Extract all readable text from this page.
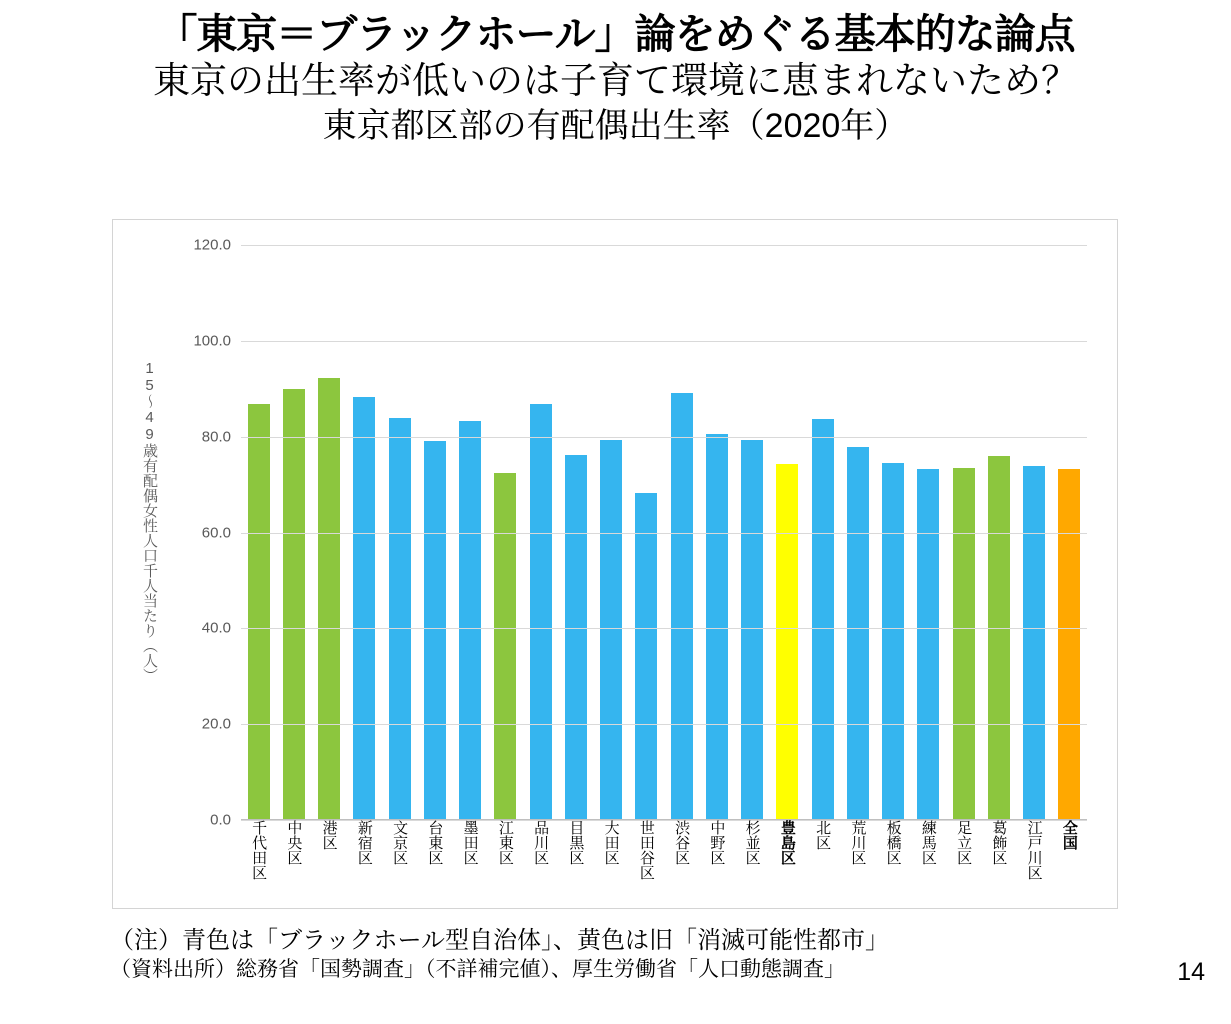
「東京＝ブラックホール」論をめぐる基本的な論点
東京の出生率が低いのは子育て環境に恵まれないため？
東京都区部の有配偶出生率（2020年）
15～49歳有配偶女性人口千人当たり（人）
0.0
20.0
40.0
60.0
80.0
100.0
120.0
千代田区 中央区 港区 新宿区 文京区 台東区 墨田区 江東区 品川区 目黒区 大田区 世田谷区 渋谷区 中野区 杉並区 豊島区 北区 荒川区 板橋区 練馬区 足立区 葛飾区 江戸川区 全国
（注）青色は「ブラックホール型自治体」、黄色は旧「消滅可能性都市」
（資料出所）総務省「国勢調査」（不詳補完値）、厚生労働省「人口動態調査」	14
